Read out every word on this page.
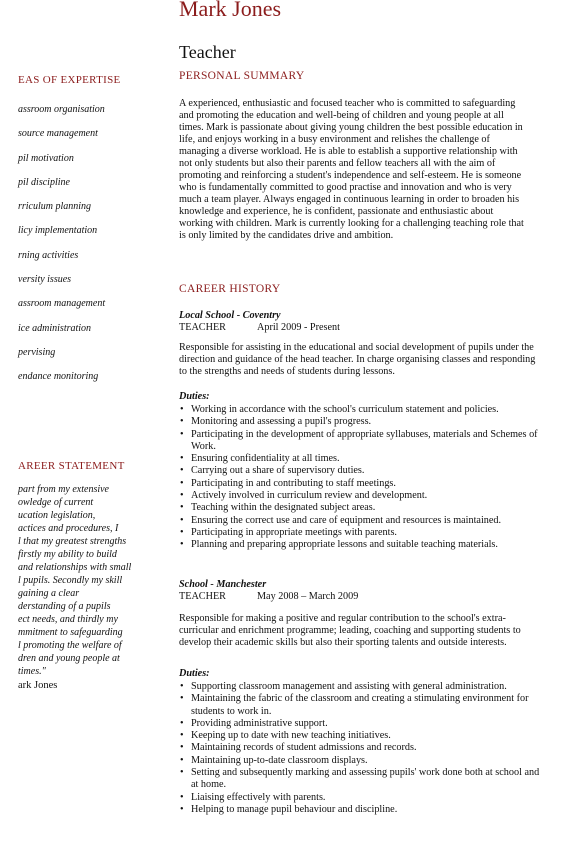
EAS OF EXPERTISE
assroom organisation
source management
pil motivation
pil discipline
rriculum planning
licy implementation
rning activities
versity issues
assroom management
ice administration
pervising
endance monitoring
AREER STATEMENT
part from my extensive
owledge of current
ucation legislation,
actices and procedures, I
l that my greatest strengths
firstly my ability to build
and relationships with small
l pupils. Secondly my skill
gaining a clear
derstanding of a pupils
ect needs, and thirdly my
mmitment to safeguarding
l promoting the welfare of
dren and young people at
times."
ark Jones
Mark Jones
Teacher
PERSONAL SUMMARY
A experienced, enthusiastic and focused teacher who is committed to safeguarding
and promoting the education and well-being of children and young people at all
times. Mark is passionate about giving young children the best possible education in
life, and enjoys working in a busy environment and relishes the challenge of
managing a diverse workload. He is able to establish a supportive relationship with
not only students but also their parents and fellow teachers all with the aim of
promoting and reinforcing a student's independence and self-esteem. He is someone
who is fundamentally committed to good practise and innovation and who is very
much a team player. Always engaged in continuous learning in order to broaden his
knowledge and experience, he is confident, passionate and enthusiastic about
working with children. Mark is currently looking for a challenging teaching role that
is only limited by the candidates drive and ambition.
CAREER HISTORY
Local School - Coventry
TEACHER	April 2009 - Present
Responsible for assisting in the educational and social development of pupils under the
direction and guidance of the head teacher. In charge organising classes and responding
to the strengths and needs of students during lessons.
Duties:
• Working in accordance with the school's curriculum statement and policies.
• Monitoring and assessing a pupil's progress.
• Participating in the development of appropriate syllabuses, materials and Schemes of
Work.
• Ensuring confidentiality at all times.
• Carrying out a share of supervisory duties.
• Participating in and contributing to staff meetings.
• Actively involved in curriculum review and development.
• Teaching within the designated subject areas.
• Ensuring the correct use and care of equipment and resources is maintained.
• Participating in appropriate meetings with parents.
• Planning and preparing appropriate lessons and suitable teaching materials.
School - Manchester
TEACHER	May 2008 – March 2009
Responsible for making a positive and regular contribution to the school's extra-
curricular and enrichment programme; leading, coaching and supporting students to
develop their academic skills but also their sporting talents and outside interests.
Duties:
• Supporting classroom management and assisting with general administration.
• Maintaining the fabric of the classroom and creating a stimulating environment for
students to work in.
• Providing administrative support.
• Keeping up to date with new teaching initiatives.
• Maintaining records of student admissions and records.
• Maintaining up-to-date classroom displays.
• Setting and subsequently marking and assessing pupils' work done both at school and
at home.
• Liaising effectively with parents.
• Helping to manage pupil behaviour and discipline.
